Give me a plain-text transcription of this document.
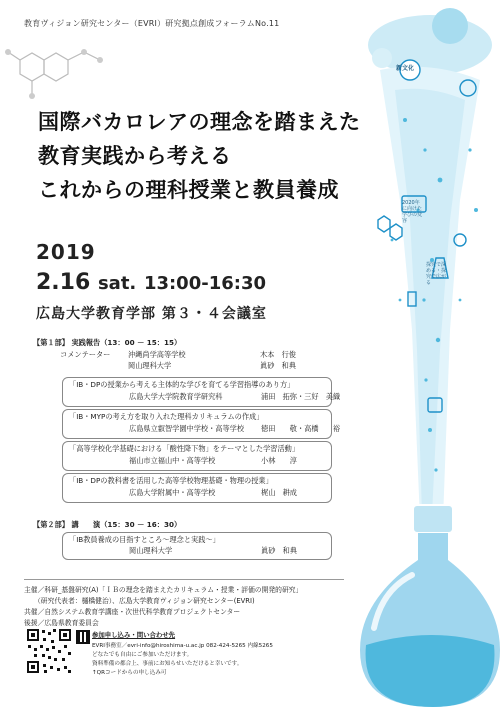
新文化
2020年に向けた学びの変容
探究で深める・探究で広がる
教育ヴィジョン研究センター（EVRI）研究拠点創成フォーラムNo.11
国際バカロレアの理念を踏まえた
教育実践から考える
これからの理科授業と教員養成
2019
2.16 sat. 13:00-16:30
広島大学教育学部 第３・４会議室
【第１部】 実践報告（13：00 － 15：15）
コメンテーター 沖縄尚学高等学校	木本　行俊
岡山理科大学	眞砂　和典
「IB・DPの授業から考える主体的な学びを育てる学習指導のあり方」
広島大学大学院教育学研究科	浦田　拓弥・三好　美織
「IB・MYPの考え方を取り入れた理科カリキュラムの作成」
広島県立叡智学園中学校・高等学校 徳田　　敬・高橋　　裕
「高等学校化学基礎における「酸性降下物」をテーマとした学習活動」
福山市立福山中・高等学校	小林　　淳
「IB・DPの教科書を活用した高等学校物理基礎・物理の授業」
広島大学附属中・高等学校	梶山　耕成
【第２部】 講　　演（15：30 － 16：30）
「IB教員養成の目指すところ～理念と実践～」
岡山理科大学	眞砂　和典
主催／科研_基盤研究(A)「ＩＢの理念を踏まえたカリキュラム・授業・評価の開発的研究」
（研究代表者：樋橋健治）、広島大学教育ヴィジョン研究センター(EVRI)
共催／自然システム教育学講座・次世代科学教育プロジェクトセンター
後援／広島県教育委員会
参加申し込み・問い合わせ先
EVRI事務室／evri-info@hiroshima-u.ac.jp 082-424-5265 内線5265
どなたでも自由にご参加いただけます。
資料準備の都合上、事前にお知らせいただけると幸いです。
↑QRコードからの申し込み可
